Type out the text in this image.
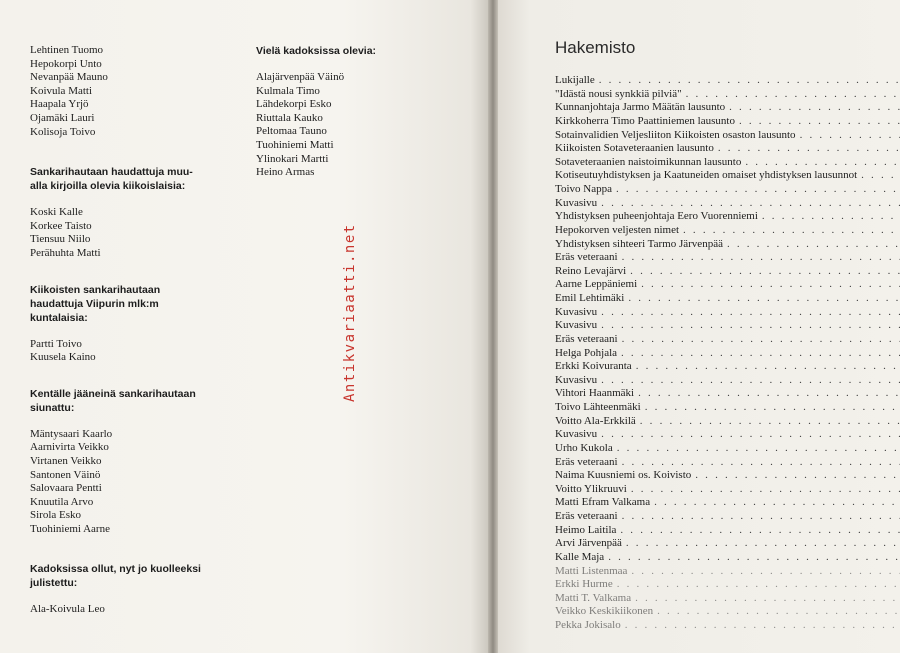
Lehtinen Tuomo
Hepokorpi Unto
Nevanpää Mauno
Koivula Matti
Haapala Yrjö
Ojamäki Lauri
Kolisoja Toivo
Sankarihautaan haudattuja muu-
alla kirjoilla olevia kiikoislaisia:
Koski Kalle
Korkee Taisto
Tiensuu Niilo
Perähuhta Matti
Kiikoisten sankarihautaan
haudattuja Viipurin mlk:m
kuntalaisia:
Partti Toivo
Kuusela Kaino
Kentälle jääneinä sankarihautaan
siunattu:
Mäntysaari Kaarlo
Aarnivirta Veikko
Virtanen Veikko
Santonen Väinö
Salovaara Pentti
Knuutila Arvo
Sirola Esko
Tuohiniemi Aarne
Kadoksissa ollut, nyt jo kuolleeksi
julistettu:
Ala-Koivula Leo
Vielä kadoksissa olevia:
Alajärvenpää Väinö
Kulmala Timo
Lähdekorpi Esko
Riuttala Kauko
Peltomaa Tauno
Tuohiniemi Matti
Ylinokari Martti
Heino Armas
Antikvariaatti.net
Hakemisto
Lukijalle
. . .
"Idästä nousi synkkiä pilviä"
. . .
Kunnanjohtaja Jarmo Määtän lausunto
. . .
Kirkkoherra Timo Paattiniemen lausunto
. . .
Sotainvalidien Veljesliiton Kiikoisten osaston lausunto
. . .
Kiikoisten Sotaveteraanien lausunto
. . .
Sotaveteraanien naistoimikunnan lausunto
. . .
Kotiseutuyhdistyksen ja Kaatuneiden omaiset yhdistyksen lausunnot
. . .
Toivo Nappa
. . .
Kuvasivu
. . .
Yhdistyksen puheenjohtaja Eero Vuorenniemi
. . .
Hepokorven veljesten nimet
. . .
Yhdistyksen sihteeri Tarmo Järvenpää
. . .
Eräs veteraani
. . .
Reino Levajärvi
. . .
Aarne Leppäniemi
. . .
Emil Lehtimäki
. . .
Kuvasivu
. . .
Kuvasivu
. . .
Eräs veteraani
. . .
Helga Pohjala
. . .
Erkki Koivuranta
. . .
Kuvasivu
. . .
Vihtori Haanmäki
. . .
Toivo Lähteenmäki
. . .
Voitto Ala-Erkkilä
. . .
Kuvasivu
. . .
Urho Kukola
. . .
Eräs veteraani
. . .
Naima Kuusniemi os. Koivisto
. . .
Voitto Ylikruuvi
. . .
Matti Efram Valkama
. . .
Eräs veteraani
. . .
Heimo Laitila
. . .
Arvi Järvenpää
. . .
Kalle Maja
. . .
Matti Listenmaa
. . .
Erkki Hurme
. . .
Matti T. Valkama
. . .
Veikko Keskikiikonen
. . .
Pekka Jokisalo
. . .
